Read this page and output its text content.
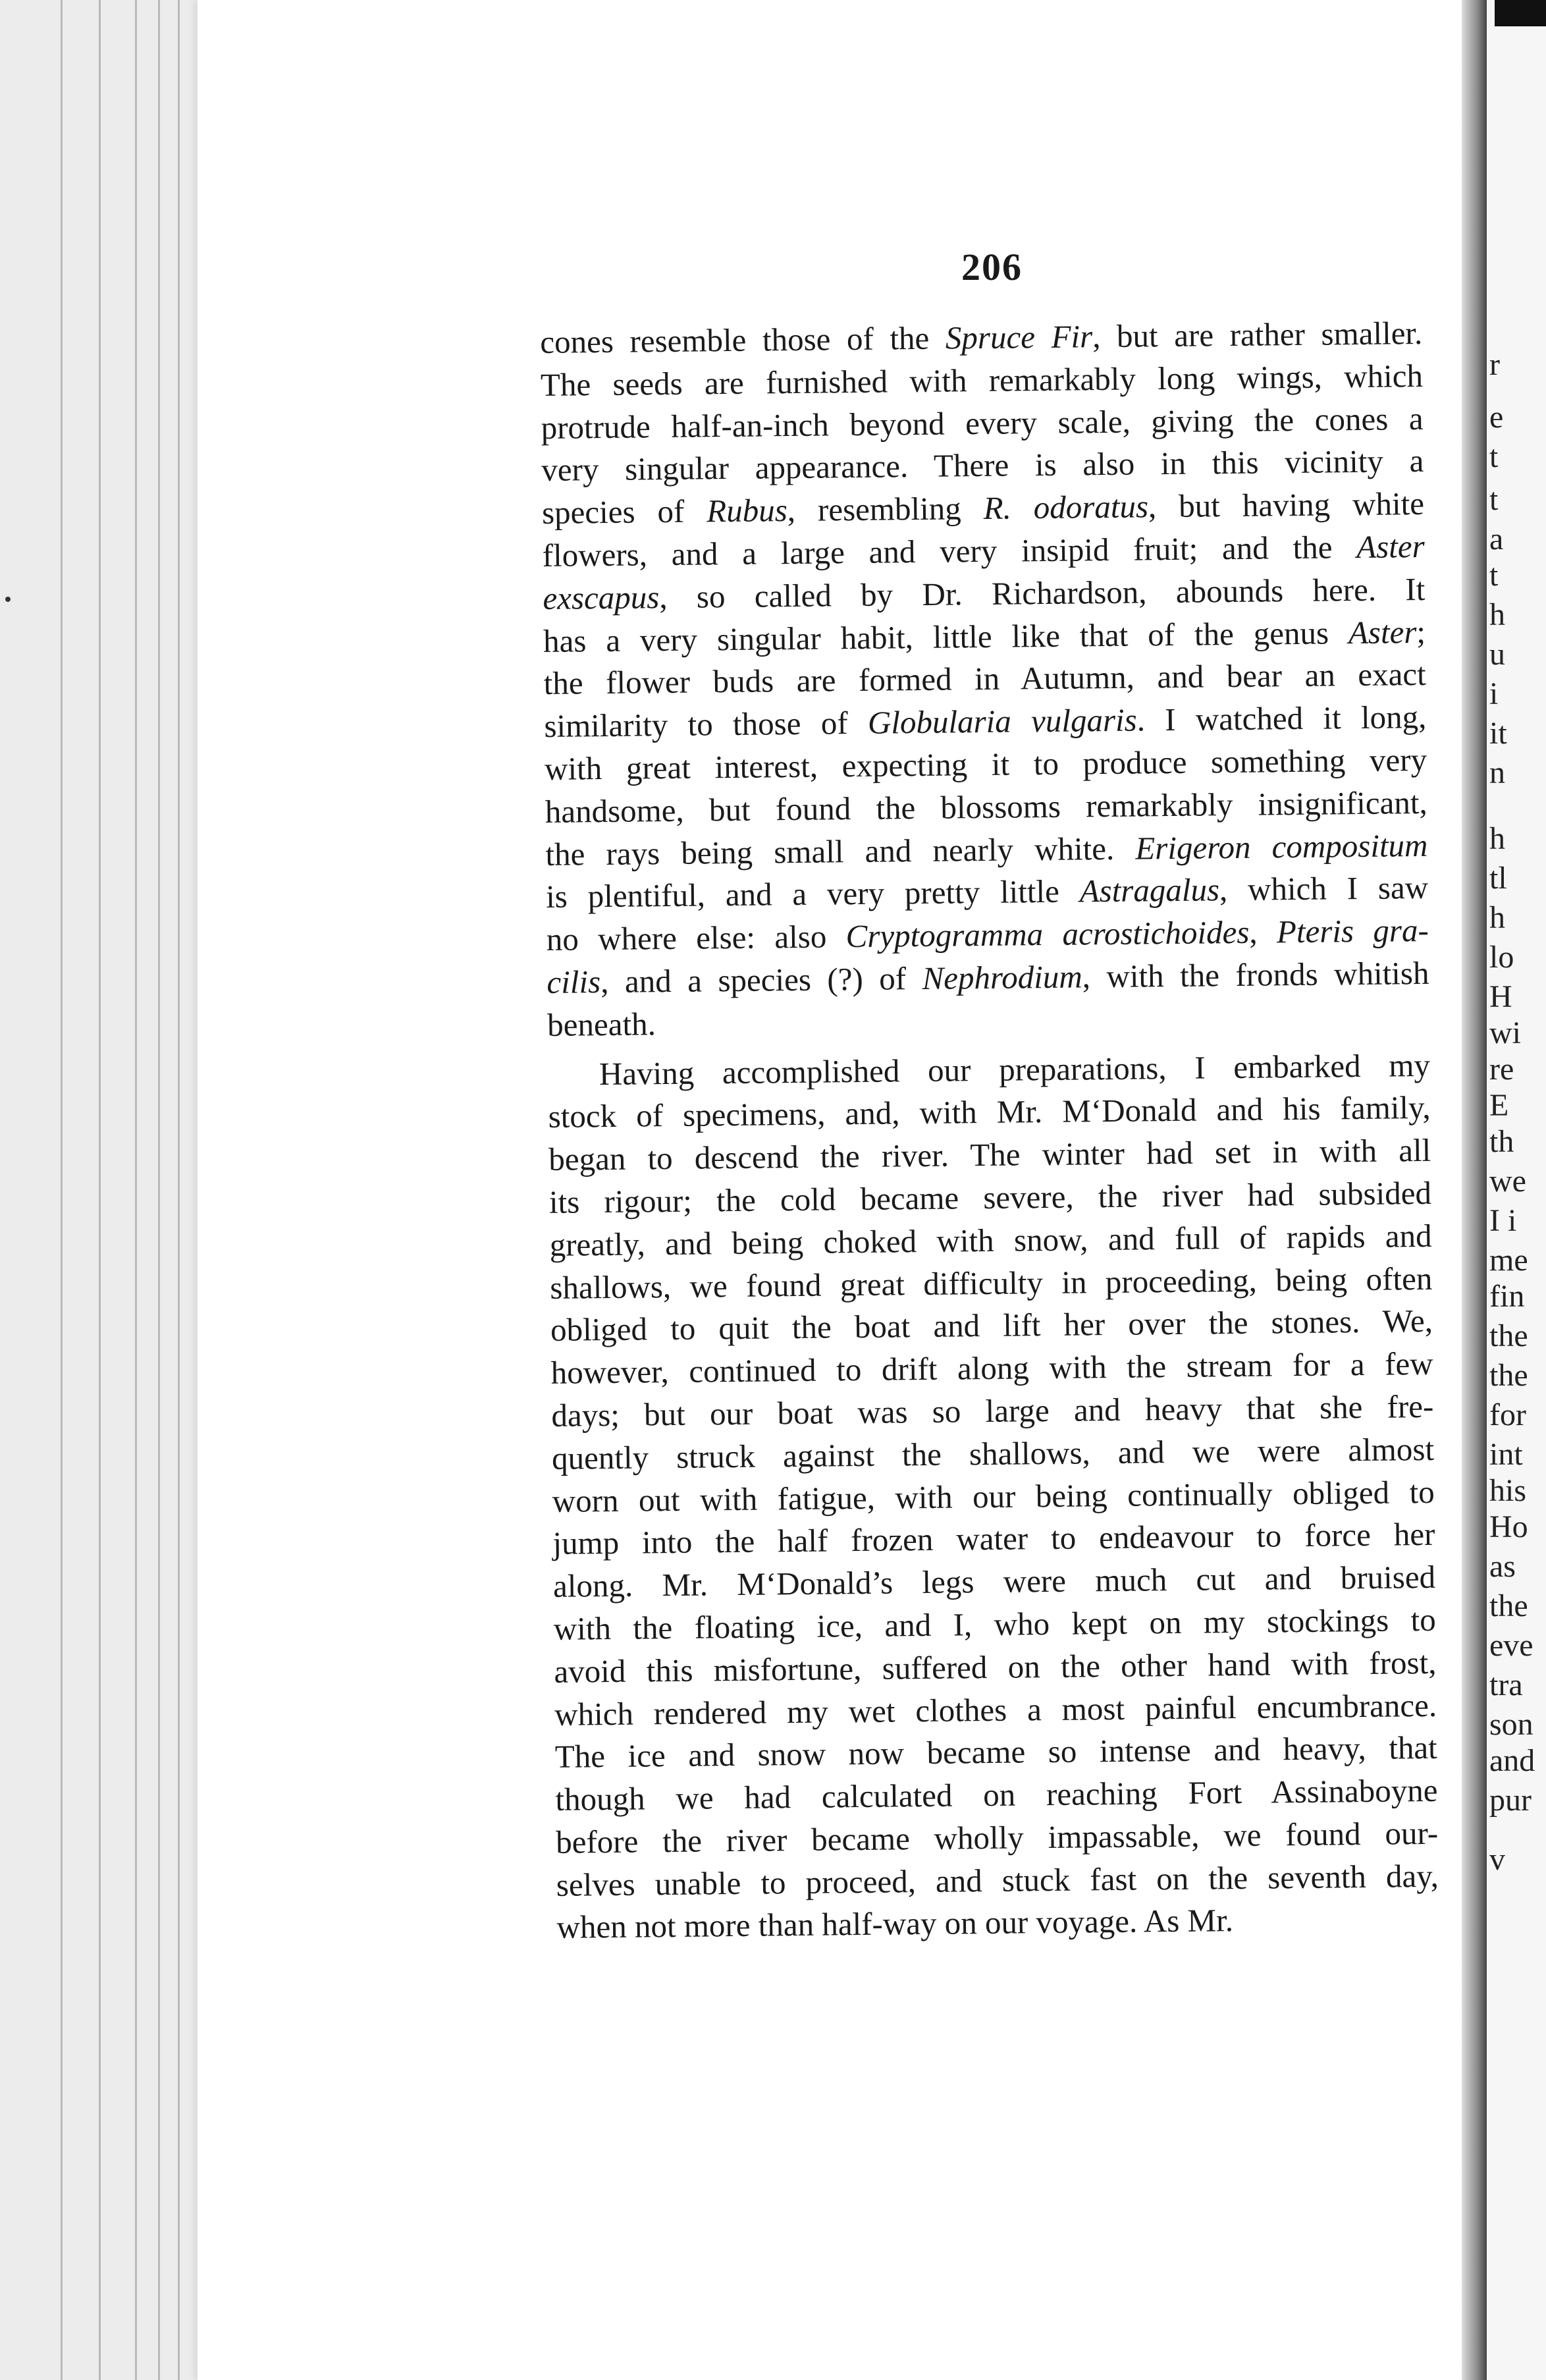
206

cones resemble those of the Spruce Fir, but are rather smaller.
The seeds are furnished with remarkably long wings, which
protrude half-an-inch beyond every scale, giving the cones a
very singular appearance. There is also in this vicinity a
species of Rubus, resembling R. odoratus, but having white
flowers, and a large and very insipid fruit; and the Aster
exscapus, so called by Dr. Richardson, abounds here. It
has a very singular habit, little like that of the genus Aster;
the flower buds are formed in Autumn, and bear an exact
similarity to those of Globularia vulgaris. I watched it long,
with great interest, expecting it to produce something very
handsome, but found the blossoms remarkably insignificant,
the rays being small and nearly white. Erigeron compositum
is plentiful, and a very pretty little Astragalus, which I saw
no where else: also Cryptogramma acrostichoides, Pteris gra-
cilis, and a species (?) of Nephrodium, with the fronds whitish
beneath.

Having accomplished our preparations, I embarked my
stock of specimens, and, with Mr. M‘Donald and his family,
began to descend the river. The winter had set in with all
its rigour; the cold became severe, the river had subsided
greatly, and being choked with snow, and full of rapids and
shallows, we found great difficulty in proceeding, being often
obliged to quit the boat and lift her over the stones. We,
however, continued to drift along with the stream for a few
days; but our boat was so large and heavy that she fre-
quently struck against the shallows, and we were almost
worn out with fatigue, with our being continually obliged to
jump into the half frozen water to endeavour to force her
along. Mr. M‘Donald’s legs were much cut and bruised
with the floating ice, and I, who kept on my stockings to
avoid this misfortune, suffered on the other hand with frost,
which rendered my wet clothes a most painful encumbrance.
The ice and snow now became so intense and heavy, that
though we had calculated on reaching Fort Assinaboyne
before the river became wholly impassable, we found our-
selves unable to proceed, and stuck fast on the seventh day,
when not more than half-way on our voyage. As Mr.

r
e
t
t
a
t
h
u
i
it
n
h
tl
h
lo
H
wi
re
E
th
we
I i
me
fin
the
the
for
int
his
Ho
as
the
eve
tra
son
and
pur
v
